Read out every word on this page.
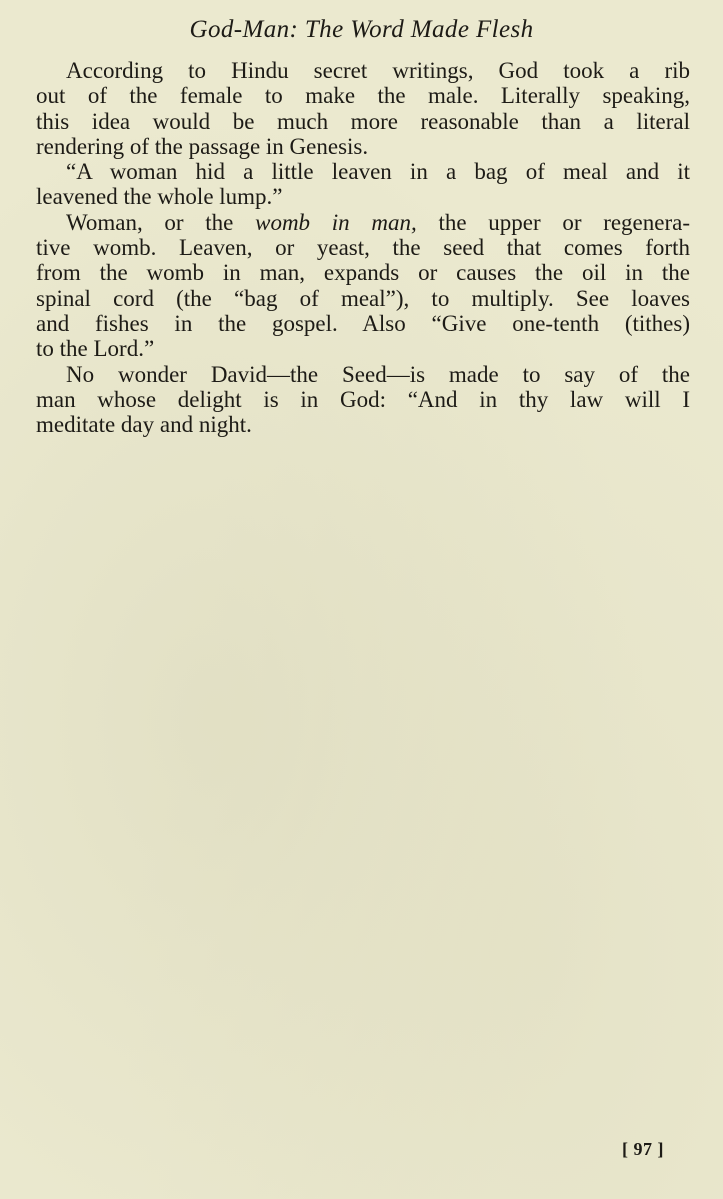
God-Man: The Word Made Flesh

According to Hindu secret writings, God took a rib
out of the female to make the male. Literally speaking,
this idea would be much more reasonable than a literal
rendering of the passage in Genesis.

“A woman hid a little leaven in a bag of meal and it
leavened the whole lump.”

Woman, or the womb in man, the upper or regenera-
tive womb. Leaven, or yeast, the seed that comes forth
from the womb in man, expands or causes the oil in the
spinal cord (the “bag of meal”), to multiply. See loaves
and fishes in the gospel. Also “Give one-tenth (tithes)
to the Lord.”

No wonder David—the Seed—is made to say of the
man whose delight is in God: “And in thy law will I
meditate day and night.

[ 97 ]
